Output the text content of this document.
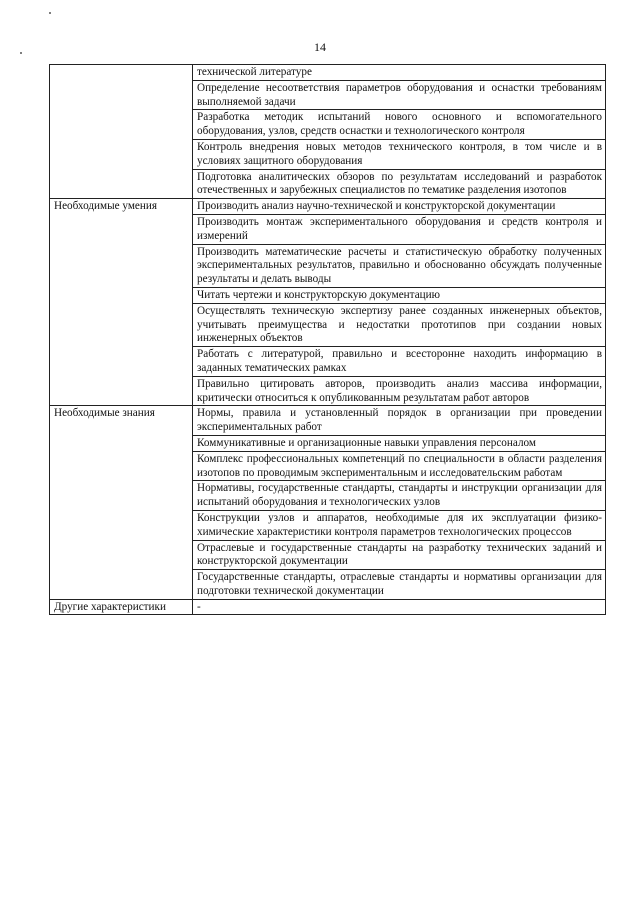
14
	технической литературе
	Определение несоответствия параметров оборудования и оснастки требованиям выполняемой задачи
	Разработка методик испытаний нового основного и вспомогательного оборудования, узлов, средств оснастки и технологического контроля
	Контроль внедрения новых методов технического контроля, в том числе и в условиях защитного оборудования
	Подготовка аналитических обзоров по результатам исследований и разработок отечественных и зарубежных специалистов по тематике разделения изотопов
Необходимые умения	Производить анализ научно-технической и конструкторской документации
	Производить монтаж экспериментального оборудования и средств контроля и измерений
	Производить математические расчеты и статистическую обработку полученных экспериментальных результатов, правильно и обоснованно обсуждать полученные результаты и делать выводы
	Читать чертежи и конструкторскую документацию
	Осуществлять техническую экспертизу ранее созданных инженерных объектов, учитывать преимущества и недостатки прототипов при создании новых инженерных объектов
	Работать с литературой, правильно и всесторонне находить информацию в заданных тематических рамках
	Правильно цитировать авторов, производить анализ массива информации, критически относиться к опубликованным результатам работ авторов
Необходимые знания	Нормы, правила и установленный порядок в организации при проведении экспериментальных работ
	Коммуникативные и организационные навыки управления персоналом
	Комплекс профессиональных компетенций по специальности в области разделения изотопов по проводимым экспериментальным и исследовательским работам
	Нормативы, государственные стандарты, стандарты и инструкции организации для испытаний оборудования и технологических узлов
	Конструкции узлов и аппаратов, необходимые для их эксплуатации физико-химические характеристики контроля параметров технологических процессов
	Отраслевые и государственные стандарты на разработку технических заданий и конструкторской документации
	Государственные стандарты, отраслевые стандарты и нормативы организации для подготовки технической документации
Другие характеристики	-
